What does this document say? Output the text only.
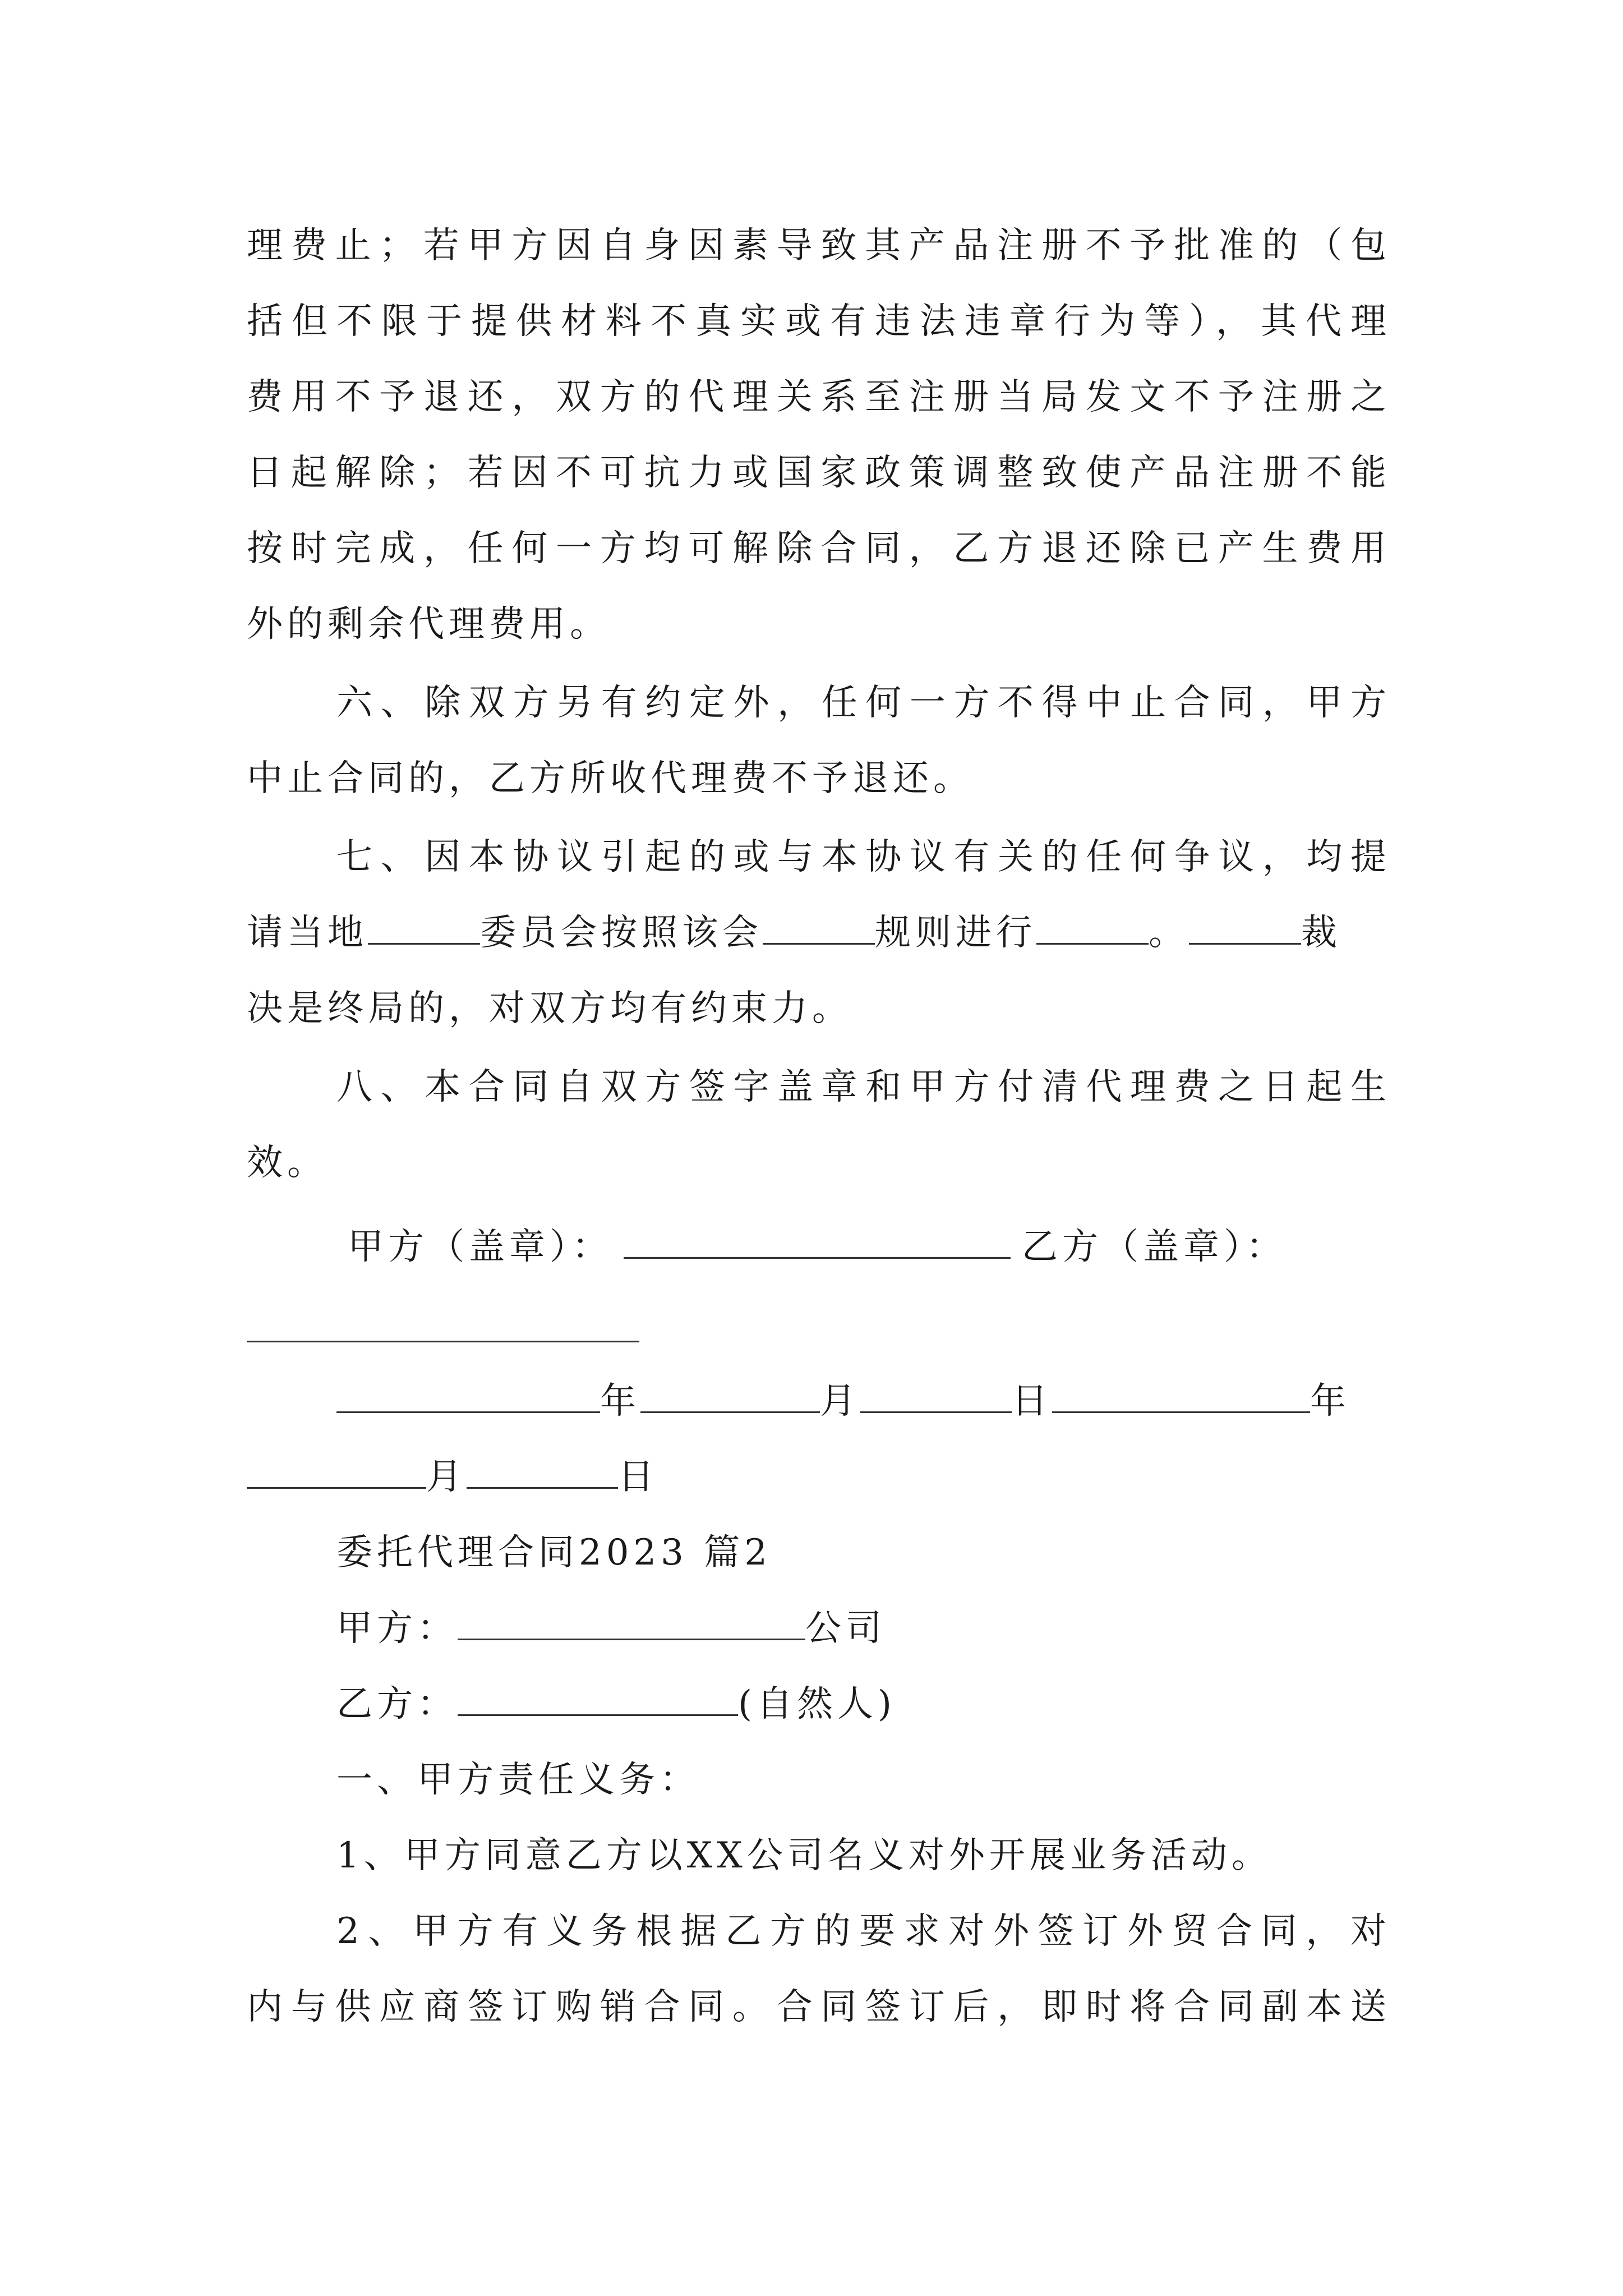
理费止；若甲方因自身因素导致其产品注册不予批准的（包
括但不限于提供材料不真实或有违法违章行为等），其代理
费用不予退还，双方的代理关系至注册当局发文不予注册之
日起解除；若因不可抗力或国家政策调整致使产品注册不能
按时完成，任何一方均可解除合同，乙方退还除已产生费用
外的剩余代理费用。
六、除双方另有约定外，任何一方不得中止合同，甲方
中止合同的，乙方所收代理费不予退还。
七、因本协议引起的或与本协议有关的任何争议，均提
请当地	委员会按照该会	规则进行	。	裁
决是终局的，对双方均有约束力。
八、本合同自双方签字盖章和甲方付清代理费之日起生
效。
甲方（盖章）：	乙方（盖章）：
年	月	日	年
月	日
委托代理合同2023 篇2
甲方：	公司
乙方：	(自然人)
一、甲方责任义务：
1、甲方同意乙方以XX公司名义对外开展业务活动。
2、甲方有义务根据乙方的要求对外签订外贸合同，对
内与供应商签订购销合同。合同签订后，即时将合同副本送
